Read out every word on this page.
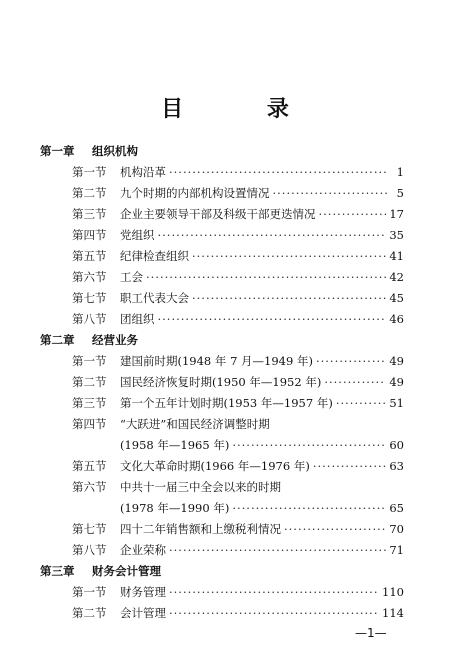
目 录
第一章	组织机构
第一节	机构沿革 ·····	1
第二节	九个时期的内部机构设置情况 ·····	5
第三节	企业主要领导干部及科级干部更迭情况 ·····	17
第四节	党组织 ·····	35
第五节	纪律检查组织 ·····	41
第六节	工会 ·····	42
第七节	职工代表大会 ·····	45
第八节	团组织 ·····	46
第二章	经营业务
第一节	建国前时期(1948 年 7 月—1949 年) ·····	49
第二节	国民经济恢复时期(1950 年—1952 年) ·····	49
第三节	第一个五年计划时期(1953 年—1957 年) ·····	51
第四节	“大跃进”和国民经济调整时期
(1958 年—1965 年) ·····	60
第五节	文化大革命时期(1966 年—1976 年) ·····	63
第六节	中共十一届三中全会以来的时期
(1978 年—1990 年) ·····	65
第七节	四十二年销售额和上缴税利情况 ·····	70
第八节	企业荣称 ·····	71
第三章	财务会计管理
第一节	财务管理 ·····	110
第二节	会计管理 ·····	114
—1—
